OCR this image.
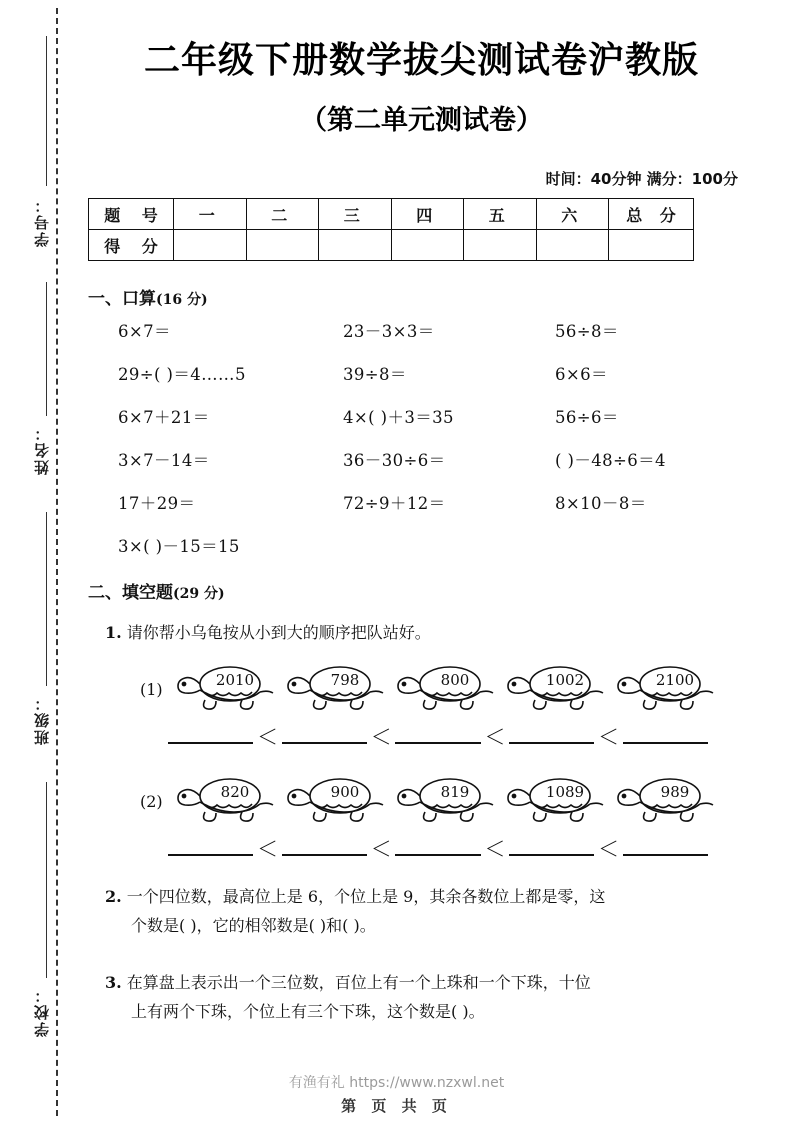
学号：
姓名：
班级：
学校：
二年级下册数学拔尖测试卷沪教版
（第二单元测试卷）
时间：40分钟 满分：100分
题 号	一	二	三	四	五	六	总 分
得 分							
一、口算(16 分)
6×7＝	23－3×3＝	56÷8＝
29÷( )＝4……5	39÷8＝	6×6＝
6×7＋21＝	4×( )＋3＝35	56÷6＝
3×7－14＝	36－30÷6＝	( )－48÷6＝4
17＋29＝	72÷9＋12＝	8×10－8＝
3×( )－15＝15
二、填空题(29 分)

1. 请你帮小乌龟按从小到大的顺序把队站好。

(1)	2010	798	800	1002	2100
＜	＜	＜	＜
(2)	820	900	819	1089	989
＜	＜	＜	＜

2. 一个四位数，最高位上是 6，个位上是 9，其余各数位上都是零，这

个数是( )，它的相邻数是( )和( )。

3. 在算盘上表示出一个三位数，百位上有一个上珠和一个下珠，十位

上有两个下珠，个位上有三个下珠，这个数是( )。

有渔有礼 https://www.nzxwl.net
第 页 共 页
